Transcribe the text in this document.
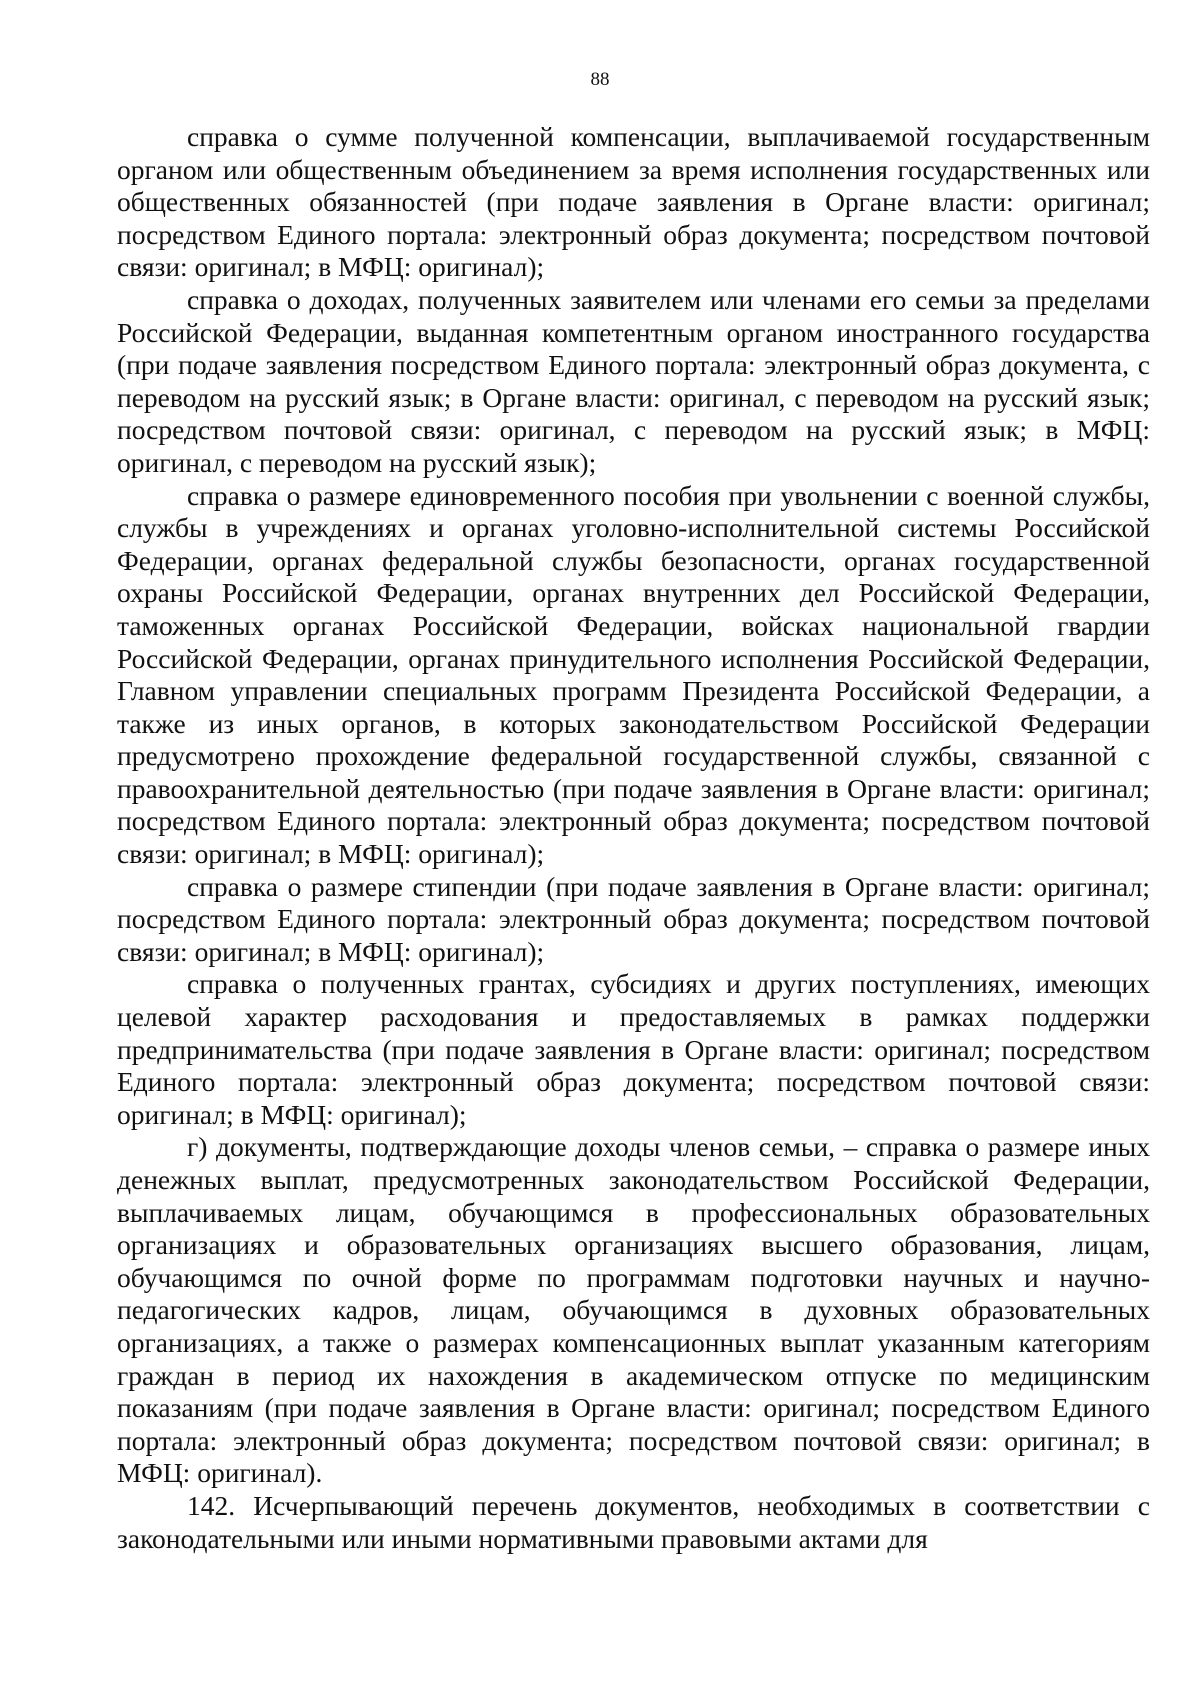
88

справка о сумме полученной компенсации, выплачиваемой государственным органом или общественным объединением за время исполнения государственных или общественных обязанностей (при подаче заявления в Органе власти: оригинал; посредством Единого портала: электронный образ документа; посредством почтовой связи: оригинал; в МФЦ: оригинал);

справка о доходах, полученных заявителем или членами его семьи за пределами Российской Федерации, выданная компетентным органом иностранного государства (при подаче заявления посредством Единого портала: электронный образ документа, с переводом на русский язык; в Органе власти: оригинал, с переводом на русский язык; посредством почтовой связи: оригинал, с переводом на русский язык; в МФЦ: оригинал, с переводом на русский язык);

справка о размере единовременного пособия при увольнении с военной службы, службы в учреждениях и органах уголовно-исполнительной системы Российской Федерации, органах федеральной службы безопасности, органах государственной охраны Российской Федерации, органах внутренних дел Российской Федерации, таможенных органах Российской Федерации, войсках национальной гвардии Российской Федерации, органах принудительного исполнения Российской Федерации, Главном управлении специальных программ Президента Российской Федерации, а также из иных органов, в которых законодательством Российской Федерации предусмотрено прохождение федеральной государственной службы, связанной с правоохранительной деятельностью (при подаче заявления в Органе власти: оригинал; посредством Единого портала: электронный образ документа; посредством почтовой связи: оригинал; в МФЦ: оригинал);

справка о размере стипендии (при подаче заявления в Органе власти: оригинал; посредством Единого портала: электронный образ документа; посредством почтовой связи: оригинал; в МФЦ: оригинал);

справка о полученных грантах, субсидиях и других поступлениях, имеющих целевой характер расходования и предоставляемых в рамках поддержки предпринимательства (при подаче заявления в Органе власти: оригинал; посредством Единого портала: электронный образ документа; посредством почтовой связи: оригинал; в МФЦ: оригинал);

г) документы, подтверждающие доходы членов семьи, – справка о размере иных денежных выплат, предусмотренных законодательством Российской Федерации, выплачиваемых лицам, обучающимся в профессиональных образовательных организациях и образовательных организациях высшего образования, лицам, обучающимся по очной форме по программам подготовки научных и научно-педагогических кадров, лицам, обучающимся в духовных образовательных организациях, а также о размерах компенсационных выплат указанным категориям граждан в период их нахождения в академическом отпуске по медицинским показаниям (при подаче заявления в Органе власти: оригинал; посредством Единого портала: электронный образ документа; посредством почтовой связи: оригинал; в МФЦ: оригинал).

142. Исчерпывающий перечень документов, необходимых в соответствии с законодательными или иными нормативными правовыми актами для
